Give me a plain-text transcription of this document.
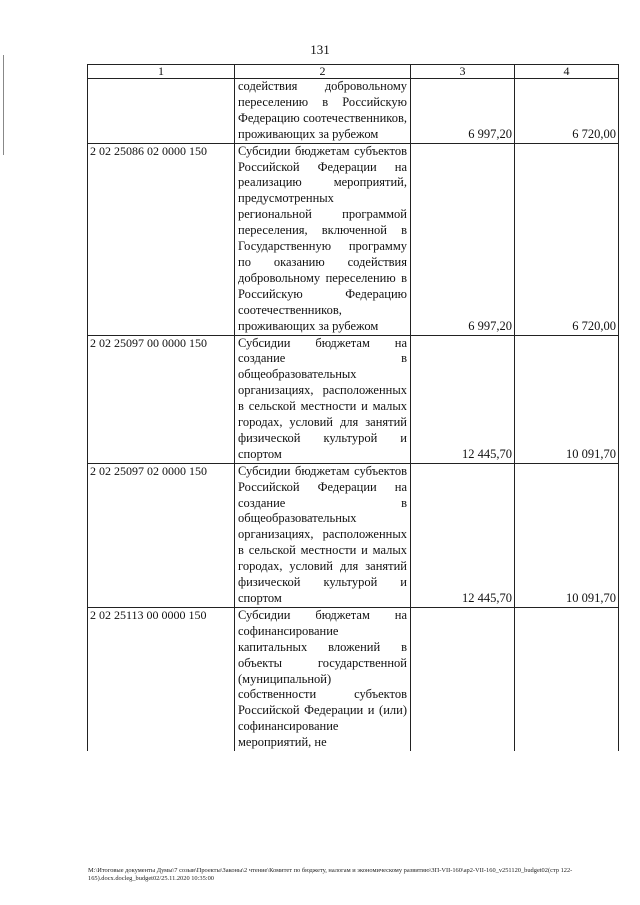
131
1	2	3	4
	содействия добровольному переселению в Российскую Федерацию соотечественников, проживающих за рубежом	6 997,20	6 720,00
2 02 25086 02 0000 150	Субсидии бюджетам субъектов Российской Федерации на реализацию мероприятий, предусмотренных региональной программой переселения, включенной в Государственную программу по оказанию содействия добровольному переселению в Российскую Федерацию соотечественников, проживающих за рубежом	6 997,20	6 720,00
2 02 25097 00 0000 150	Субсидии бюджетам на создание в общеобразовательных организациях, расположенных в сельской местности и малых городах, условий для занятий физической культурой и спортом	12 445,70	10 091,70
2 02 25097 02 0000 150	Субсидии бюджетам субъектов Российской Федерации на создание в общеобразовательных организациях, расположенных в сельской местности и малых городах, условий для занятий физической культурой и спортом	12 445,70	10 091,70
2 02 25113 00 0000 150	Субсидии бюджетам на софинансирование капитальных вложений в объекты государственной (муниципальной) собственности субъектов Российской Федерации и (или) софинансирование мероприятий, не		
M:\Итоговые документы Думы\7 созыв\Проекты\Законы\2 чтение\Комитет по бюджету, налогам и экономическому развитию\ЗП-VII-160\ap2-VII-160_v251120_budget02(стр 122-165).docx.docleg_budget02/25.11.2020 10:35:00
